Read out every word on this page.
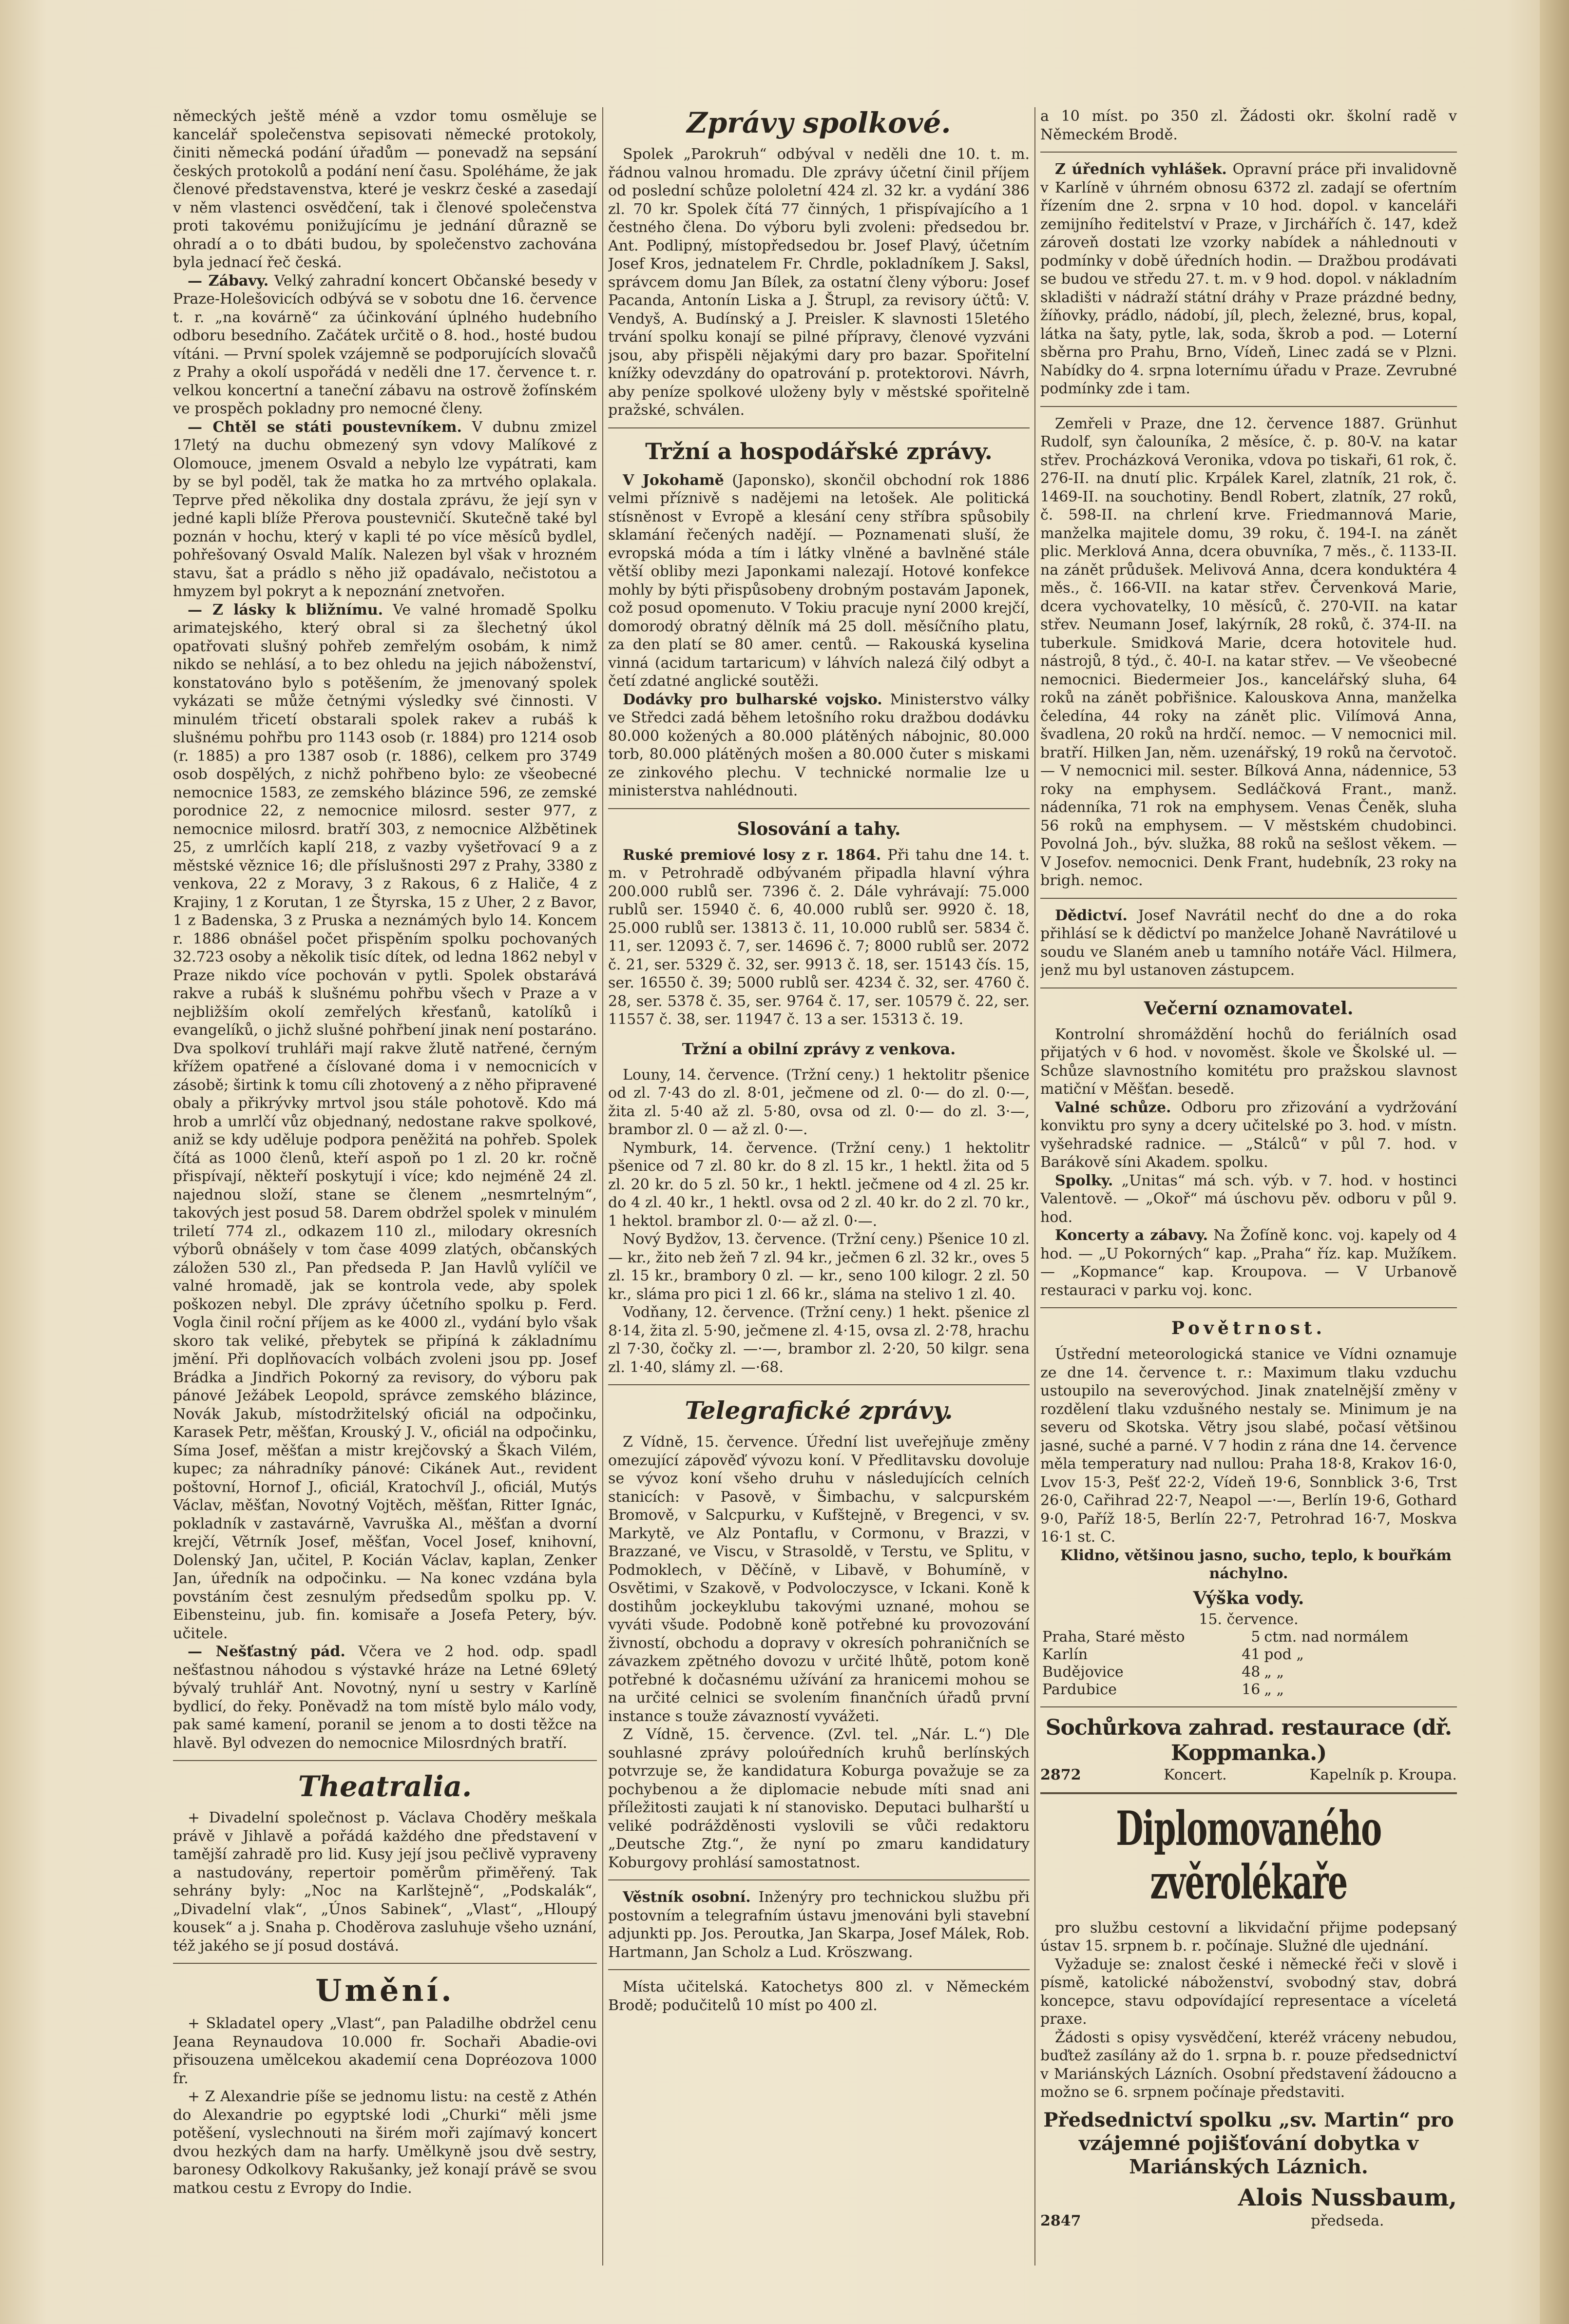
německých ještě méně a vzdor tomu osměluje se kancelář společenstva sepisovati německé protokoly, činiti německá podání úřadům — ponevadž na sepsání českých protokolů a podání není času. Spoléháme, že jak členové představenstva, které je veskrz české a zasedají v něm vlastenci osvědčení, tak i členové společenstva proti takovému ponižujícímu je jednání důrazně se ohradí a o to dbáti budou, by společenstvo zachována byla jednací řeč česká.

— Zábavy. Velký zahradní koncert Občanské besedy v Praze-Holešovicích odbývá se v sobotu dne 16. července t. r. „na kovárně“ za účinkování úplného hudebního odboru besedního. Začátek určitě o 8. hod., hosté budou vítáni. — První spolek vzájemně se podporujících slovačů z Prahy a okolí uspořádá v neděli dne 17. července t. r. velkou koncertní a taneční zábavu na ostrově žofínském ve prospěch pokladny pro nemocné členy.

— Chtěl se státi poustevníkem. V dubnu zmizel 17letý na duchu obmezený syn vdovy Malíkové z Olomouce, jmenem Osvald a nebylo lze vypátrati, kam by se byl poděl, tak že matka ho za mrtvého oplakala. Teprve před několika dny dostala zprávu, že její syn v jedné kapli blíže Přerova poustevničí. Skutečně také byl poznán v hochu, který v kapli té po více měsíců bydlel, pohřešovaný Osvald Malík. Nalezen byl však v hrozném stavu, šat a prádlo s něho již opadávalo, nečistotou a hmyzem byl pokryt a k nepoznání znetvořen.

— Z lásky k bližnímu. Ve valné hromadě Spolku arimatejského, který obral si za šlechetný úkol opatřovati slušný pohřeb zemřelým osobám, k nimž nikdo se nehlásí, a to bez ohledu na jejich náboženství, konstatováno bylo s potěšením, že jmenovaný spolek vykázati se může četnými výsledky své činnosti. V minulém třicetí obstarali spolek rakev a rubáš k slušnému pohřbu pro 1143 osob (r. 1884) pro 1214 osob (r. 1885) a pro 1387 osob (r. 1886), celkem pro 3749 osob dospělých, z nichž pohřbeno bylo: ze všeobecné nemocnice 1583, ze zemského blázince 596, ze zemské porodnice 22, z nemocnice milosrd. sester 977, z nemocnice milosrd. bratří 303, z nemocnice Alžbětinek 25, z umrlčích kaplí 218, z vazby vyšetřovací 9 a z městské věznice 16; dle příslušnosti 297 z Prahy, 3380 z venkova, 22 z Moravy, 3 z Rakous, 6 z Haliče, 4 z Krajiny, 1 z Korutan, 1 ze Štyrska, 15 z Uher, 2 z Bavor, 1 z Badenska, 3 z Pruska a neznámých bylo 14. Koncem r. 1886 obnášel počet přispěním spolku pochovaných 32.723 osoby a několik tisíc dítek, od ledna 1862 nebyl v Praze nikdo více pochován v pytli. Spolek obstarává rakve a rubáš k slušnému pohřbu všech v Praze a v nejbližším okolí zemřelých křesťanů, katolíků i evangelíků, o jichž slušné pohřbení jinak není postaráno. Dva spolkoví truhláři mají rakve žlutě natřené, černým křížem opatřené a číslované doma i v nemocnicích v zásobě; širtink k tomu cíli zhotovený a z něho připravené obaly a přikrývky mrtvol jsou stále pohotově. Kdo má hrob a umrlčí vůz objednaný, nedostane rakve spolkové, aniž se kdy uděluje podpora peněžitá na pohřeb. Spolek čítá as 1000 členů, kteří aspoň po 1 zl. 20 kr. ročně přispívají, někteří poskytují i více; kdo nejméně 24 zl. najednou složí, stane se členem „nesmrtelným“, takových jest posud 58. Darem obdržel spolek v minulém triletí 774 zl., odkazem 110 zl., milodary okresních výborů obnášely v tom čase 4099 zlatých, občanských záložen 530 zl., Pan předseda P. Jan Havlů vylíčil ve valné hromadě, jak se kontrola vede, aby spolek poškozen nebyl. Dle zprávy účetního spolku p. Ferd. Vogla činil roční příjem as ke 4000 zl., vydání bylo však skoro tak veliké, přebytek se připíná k základnímu jmění. Při doplňovacích volbách zvoleni jsou pp. Josef Brádka a Jindřich Pokorný za revisory, do výboru pak pánové Ježábek Leopold, správce zemského blázince, Novák Jakub, místodržitelský oficiál na odpočinku, Karasek Petr, měšťan, Krouský J. V., oficiál na odpočinku, Síma Josef, měšťan a mistr krejčovský a Škach Vilém, kupec; za náhradníky pánové: Cikánek Aut., revident poštovní, Hornof J., oficiál, Kratochvíl J., oficiál, Mutýs Václav, měšťan, Novotný Vojtěch, měšťan, Ritter Ignác, pokladník v zastavárně, Vavruška Al., měšťan a dvorní krejčí, Větrník Josef, měšťan, Vocel Josef, knihovní, Dolenský Jan, učitel, P. Kocián Václav, kaplan, Zenker Jan, úředník na odpočinku. — Na konec vzdána byla povstáním čest zesnulým předsedům spolku pp. V. Eibensteinu, jub. fin. komisaře a Josefa Petery, býv. učitele.

— Nešťastný pád. Včera ve 2 hod. odp. spadl nešťastnou náhodou s výstavké hráze na Letné 69letý bývalý truhlář Ant. Novotný, nyní u sestry v Karlíně bydlicí, do řeky. Poněvadž na tom místě bylo málo vody, pak samé kamení, poranil se jenom a to dosti těžce na hlavě. Byl odvezen do nemocnice Milosrdných bratří.

Theatralia.

+ Divadelní společnost p. Václava Choděry meškala právě v Jihlavě a pořádá každého dne představení v tamější zahradě pro lid. Kusy její jsou pečlivě vypraveny a nastudovány, repertoir poměrům přiměřený. Tak sehrány byly: „Noc na Karlštejně“, „Podskalák“, „Divadelní vlak“, „Únos Sabinek“, „Vlast“, „Hloupý kousek“ a j. Snaha p. Choděrova zasluhuje všeho uznání, též jakého se jí posud dostává.

Umění.

+ Skladatel opery „Vlast“, pan Paladilhe obdržel cenu Jeana Reynaudova 10.000 fr. Sochaři Abadie-ovi přisouzena umělcekou akademií cena Dopréozova 1000 fr.

+ Z Alexandrie píše se jednomu listu: na cestě z Athén do Alexandrie po egyptské lodi „Churki“ měli jsme potěšení, vyslechnouti na širém moři zajímavý koncert dvou hezkých dam na harfy. Umělkyně jsou dvě sestry, baronesy Odkolkovy Rakušanky, jež konají právě se svou matkou cestu z Evropy do Indie.

Zprávy spolkové.

Spolek „Parokruh“ odbýval v neděli dne 10. t. m. řádnou valnou hromadu. Dle zprávy účetní činil příjem od poslední schůze pololetní 424 zl. 32 kr. a vydání 386 zl. 70 kr. Spolek čítá 77 činných, 1 přispívajícího a 1 čestného člena. Do výboru byli zvoleni: předsedou br. Ant. Podlipný, místopředsedou br. Josef Plavý, účetním Josef Kros, jednatelem Fr. Chrdle, pokladníkem J. Saksl, správcem domu Jan Bílek, za ostatní členy výboru: Josef Pacanda, Antonín Liska a J. Štrupl, za revisory účtů: V. Vendyš, A. Budínský a J. Preisler. K slavnosti 15letého trvání spolku konají se pilné přípravy, členové vyzváni jsou, aby přispěli nějakými dary pro bazar. Spořitelní knížky odevzdány do opatrování p. protektorovi. Návrh, aby peníze spolkové uloženy byly v městské spořitelně pražské, schválen.

Tržní a hospodářské zprávy.

V Jokohamě (Japonsko), skončil obchodní rok 1886 velmi příznivě s nadějemi na letošek. Ale politická stísněnost v Evropě a klesání ceny stříbra spůsobily sklamání řečených nadějí. — Poznamenati sluší, že evropská móda a tím i látky vlněné a bavlněné stále větší obliby mezi Japonkami nalezají. Hotové konfekce mohly by býti přispůsobeny drobným postavám Japonek, což posud opomenuto. V Tokiu pracuje nyní 2000 krejčí, domorodý obratný dělník má 25 doll. měsíčního platu, za den platí se 80 amer. centů. — Rakouská kyselina vinná (acidum tartaricum) v láhvích nalezá čilý odbyt a četí zdatné anglické soutěži.

Dodávky pro bulharské vojsko. Ministerstvo války ve Středci zadá během letošního roku dražbou dodávku 80.000 kožených a 80.000 plátěných nábojnic, 80.000 torb, 80.000 plátěných mošen a 80.000 čuter s miskami ze zinkového plechu. V technické normalie lze u ministerstva nahlédnouti.

Slosování a tahy.

Ruské premiové losy z r. 1864. Při tahu dne 14. t. m. v Petrohradě odbývaném připadla hlavní výhra 200.000 rublů ser. 7396 č. 2. Dále vyhrávají: 75.000 rublů ser. 15940 č. 6, 40.000 rublů ser. 9920 č. 18, 25.000 rublů ser. 13813 č. 11, 10.000 rublů ser. 5834 č. 11, ser. 12093 č. 7, ser. 14696 č. 7; 8000 rublů ser. 2072 č. 21, ser. 5329 č. 32, ser. 9913 č. 18, ser. 15143 čís. 15, ser. 16550 č. 39; 5000 rublů ser. 4234 č. 32, ser. 4760 č. 28, ser. 5378 č. 35, ser. 9764 č. 17, ser. 10579 č. 22, ser. 11557 č. 38, ser. 11947 č. 13 a ser. 15313 č. 19.

Tržní a obilní zprávy z venkova.

Louny, 14. července. (Tržní ceny.) 1 hektolitr pšenice od zl. 7·43 do zl. 8·01, ječmene od zl. 0·— do zl. 0·—, žita zl. 5·40 až zl. 5·80, ovsa od zl. 0·— do zl. 3·—, brambor zl. 0 — až zl. 0·—.

Nymburk, 14. července. (Tržní ceny.) 1 hektolitr pšenice od 7 zl. 80 kr. do 8 zl. 15 kr., 1 hektl. žita od 5 zl. 20 kr. do 5 zl. 50 kr., 1 hektl. ječmene od 4 zl. 25 kr. do 4 zl. 40 kr., 1 hektl. ovsa od 2 zl. 40 kr. do 2 zl. 70 kr., 1 hektol. brambor zl. 0·— až zl. 0·—.

Nový Bydžov, 13. července. (Tržní ceny.) Pšenice 10 zl. — kr., žito neb žeň 7 zl. 94 kr., ječmen 6 zl. 32 kr., oves 5 zl. 15 kr., brambory 0 zl. — kr., seno 100 kilogr. 2 zl. 50 kr., sláma pro pici 1 zl. 66 kr., sláma na stelivo 1 zl. 40.

Vodňany, 12. července. (Tržní ceny.) 1 hekt. pšenice zl 8·14, žita zl. 5·90, ječmene zl. 4·15, ovsa zl. 2·78, hrachu zl 7·30, čočky zl. —·—, brambor zl. 2·20, 50 kilgr. sena zl. 1·40, slámy zl. —·68.

Telegrafické zprávy.

Z Vídně, 15. července. Úřední list uveřejňuje změny omezující zápověď vývozu koní. V Předlitavsku dovoluje se vývoz koní všeho druhu v následujících celních stanicích: v Pasově, v Šimbachu, v salcpurském Bromově, v Salcpurku, v Kufštejně, v Bregenci, v sv. Markytě, ve Alz Pontaflu, v Cormonu, v Brazzi, v Brazzané, ve Viscu, v Strasoldě, v Terstu, ve Splitu, v Podmoklech, v Děčíně, v Libavě, v Bohumíně, v Osvětimi, v Szakově, v Podvoloczysce, v Ickani. Koně k dostihům jockeyklubu takovými uznané, mohou se vyváti všude. Podobně koně potřebné ku provozování živností, obchodu a dopravy v okresích pohraničních se závazkem zpětného dovozu v určité lhůtě, potom koně potřebné k dočasnému užívání za hranicemi mohou se na určité celnici se svolením finančních úřadů první instance s touže závazností vyvážeti.

Z Vídně, 15. července. (Zvl. tel. „Nár. L.“) Dle souhlasné zprávy poloúředních kruhů berlínských potvrzuje se, že kandidatura Koburga považuje se za pochybenou a že diplomacie nebude míti snad ani příležitosti zaujati k ní stanovisko. Deputaci bulharští u veliké podrážděnosti vyslovili se vůči redaktoru „Deutsche Ztg.“, že nyní po zmaru kandidatury Koburgovy prohlásí samostatnost.

Věstník osobní. Inženýry pro technickou službu při postovním a telegrafním ústavu jmenováni byli stavební adjunkti pp. Jos. Peroutka, Jan Skarpa, Josef Málek, Rob. Hartmann, Jan Scholz a Lud. Kröszwang.

Místa učitelská. Katochetys 800 zl. v Německém Brodě; podučitelů 10 míst po 400 zl.

a 10 míst. po 350 zl. Žádosti okr. školní radě v Německém Brodě.

Z úředních vyhlášek. Opravní práce při invalidovně v Karlíně v úhrném obnosu 6372 zl. zadají se ofertním řízením dne 2. srpna v 10 hod. dopol. v kanceláři zemijního ředitelství v Praze, v Jirchářích č. 147, kdež zároveň dostati lze vzorky nabídek a náhlednouti v podmínky v době úředních hodin. — Dražbou prodávati se budou ve středu 27. t. m. v 9 hod. dopol. v nákladním skladišti v nádraží státní dráhy v Praze prázdné bedny, žíňovky, prádlo, nádobí, jíl, plech, železné, brus, kopal, látka na šaty, pytle, lak, soda, škrob a pod. — Loterní sběrna pro Prahu, Brno, Vídeň, Linec zadá se v Plzni. Nabídky do 4. srpna loternímu úřadu v Praze. Zevrubné podmínky zde i tam.

Zemřeli v Praze, dne 12. července 1887. Grünhut Rudolf, syn čalouníka, 2 měsíce, č. p. 80-V. na katar střev. Procházková Veronika, vdova po tiskaři, 61 rok, č. 276-II. na dnutí plic. Krpálek Karel, zlatník, 21 rok, č. 1469-II. na souchotiny. Bendl Robert, zlatník, 27 roků, č. 598-II. na chrlení krve. Friedmannová Marie, manželka majitele domu, 39 roku, č. 194-I. na zánět plic. Merklová Anna, dcera obuvníka, 7 měs., č. 1133-II. na zánět průdušek. Melivová Anna, dcera konduktéra 4 měs., č. 166-VII. na katar střev. Červenková Marie, dcera vychovatelky, 10 měsíců, č. 270-VII. na katar střev. Neumann Josef, lakýrník, 28 roků, č. 374-II. na tuberkule. Smidková Marie, dcera hotovitele hud. nástrojů, 8 týd., č. 40-I. na katar střev. — Ve všeobecné nemocnici. Biedermeier Jos., kancelářský sluha, 64 roků na zánět pobřišnice. Kalouskova Anna, manželka čeledína, 44 roky na zánět plic. Vilímová Anna, švadlena, 20 roků na hrdčí. nemoc. — V nemocnici mil. bratří. Hilken Jan, něm. uzenářský, 19 roků na červotoč. — V nemocnici mil. sester. Bílková Anna, nádennice, 53 roky na emphysem. Sedláčková Frant., manž. nádenníka, 71 rok na emphysem. Venas Čeněk, sluha 56 roků na emphysem. — V městském chudobinci. Povolná Joh., býv. služka, 88 roků na sešlost věkem. — V Josefov. nemocnici. Denk Frant, hudebník, 23 roky na brigh. nemoc.

Dědictví. Josef Navrátil nechť do dne a do roka přihlásí se k dědictví po manželce Johaně Navrátilové u soudu ve Slaném aneb u tamního notáře Václ. Hilmera, jenž mu byl ustanoven zástupcem.

Večerní oznamovatel.

Kontrolní shromáždění hochů do feriálních osad přijatých v 6 hod. v novoměst. škole ve Školské ul. — Schůze slavnostního komitétu pro pražskou slavnost matiční v Měšťan. besedě.

Valné schůze. Odboru pro zřizování a vydržování konviktu pro syny a dcery učitelské po 3. hod. v místn. vyšehradské radnice. — „Stálců“ v půl 7. hod. v Barákově síni Akadem. spolku.

Spolky. „Unitas“ má sch. výb. v 7. hod. v hostinci Valentově. — „Okoř“ má úschovu pěv. odboru v půl 9. hod.

Koncerty a zábavy. Na Žofíně konc. voj. kapely od 4 hod. — „U Pokorných“ kap. „Praha“ říz. kap. Mužíkem. — „Kopmance“ kap. Kroupova. — V Urbanově restauraci v parku voj. konc.

Povětrnost.

Ústřední meteorologická stanice ve Vídni oznamuje ze dne 14. července t. r.: Maximum tlaku vzduchu ustoupilo na severovýchod. Jinak znatelnější změny v rozdělení tlaku vzdušného nestaly se. Minimum je na severu od Skotska. Větry jsou slabé, počasí většinou jasné, suché a parné. V 7 hodin z rána dne 14. července měla temperatury nad nullou: Praha 18·8, Krakov 16·0, Lvov 15·3, Pešť 22·2, Vídeň 19·6, Sonnblick 3·6, Trst 26·0, Cařihrad 22·7, Neapol —·—, Berlín 19·6, Gothard 9·0, Paříž 18·5, Berlín 22·7, Petrohrad 16·7, Moskva 16·1 st. C.

Klidno, většinou jasno, sucho, teplo, k bouřkám náchylno.

Výška vody.
15. července.
Praha, Staré město	5	ctm. nad normálem
Karlín	41	pod „
Budějovice	48	„ „
Pardubice	16	„ „
Sochůrkova zahrad. restaurace (dř. Koppmanka.)
2872	Koncert.	Kapelník p. Kroupa.
Diplomovaného zvěrolékaře

pro službu cestovní a likvidační přijme podepsaný ústav 15. srpnem b. r. počínaje. Služné dle ujednání.

Vyžaduje se: znalost české i německé řeči v slově i písmě, katolické náboženství, svobodný stav, dobrá koncepce, stavu odpovídající representace a víceletá praxe.

Žádosti s opisy vysvědčení, kteréž vráceny nebudou, buďtež zasílány až do 1. srpna b. r. pouze předsednictví v Mariánských Lázních. Osobní představení žádoucno a možno se 6. srpnem počínaje představiti.

Předsednictví spolku „sv. Martin“ pro vzájemné pojišťování dobytka v Mariánských Láznich.
2847
Alois Nussbaum,
předseda.
